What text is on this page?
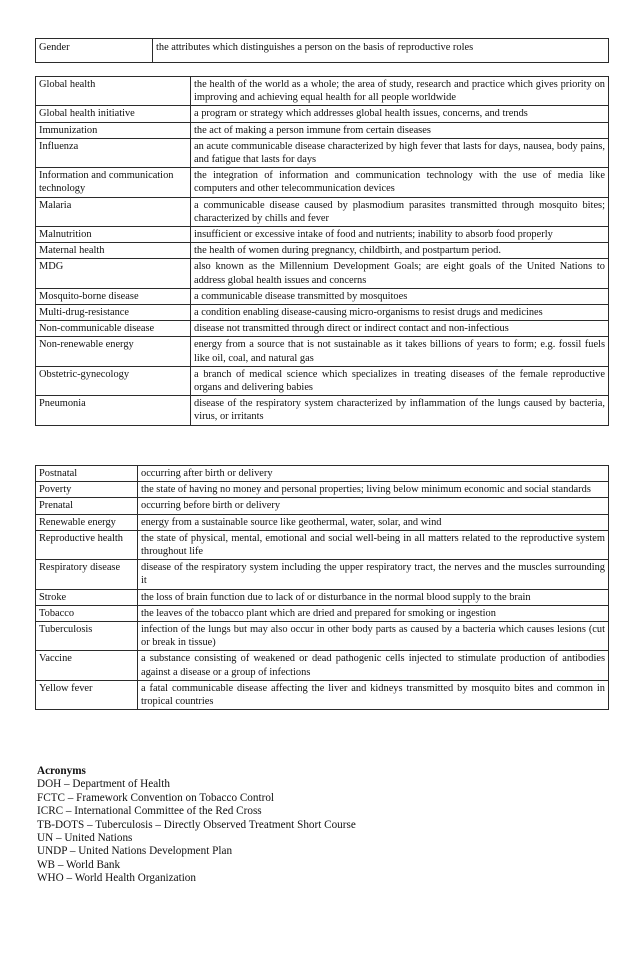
Gender	the attributes which distinguishes a person on the basis of reproductive roles
Global health	the health of the world as a whole; the area of study, research and practice which gives priority on improving and achieving equal health for all people worldwide
Global health initiative	a program or strategy which addresses global health issues, concerns, and trends
Immunization	the act of making a person immune from certain diseases
Influenza	an acute communicable disease characterized by high fever that lasts for days, nausea, body pains, and fatigue that lasts for days
Information and communication technology	the integration of information and communication technology with the use of media like computers and other telecommunication devices
Malaria	a communicable disease caused by plasmodium parasites transmitted through mosquito bites; characterized by chills and fever
Malnutrition	insufficient or excessive intake of food and nutrients; inability to absorb food properly
Maternal health	the health of women during pregnancy, childbirth, and postpartum period.
MDG	also known as the Millennium Development Goals; are eight goals of the United Nations to address global health issues and concerns
Mosquito-borne disease	a communicable disease transmitted by mosquitoes
Multi-drug-resistance	a condition enabling disease-causing micro-organisms to resist drugs and medicines
Non-communicable disease	disease not transmitted through direct or indirect contact and non-infectious
Non-renewable energy	energy from a source that is not sustainable as it takes billions of years to form; e.g. fossil fuels like oil, coal, and natural gas
Obstetric-gynecology	a branch of medical science which specializes in treating diseases of the female reproductive organs and delivering babies
Pneumonia	disease of the respiratory system characterized by inflammation of the lungs caused by bacteria, virus, or irritants
Postnatal	occurring after birth or delivery
Poverty	the state of having no money and personal properties; living below minimum economic and social standards
Prenatal	occurring before birth or delivery
Renewable energy	energy from a sustainable source like geothermal, water, solar, and wind
Reproductive health	the state of physical, mental, emotional and social well-being in all matters related to the reproductive system throughout life
Respiratory disease	disease of the respiratory system including the upper respiratory tract, the nerves and the muscles surrounding it
Stroke	the loss of brain function due to lack of or disturbance in the normal blood supply to the brain
Tobacco	the leaves of the tobacco plant which are dried and prepared for smoking or ingestion
Tuberculosis	infection of the lungs but may also occur in other body parts as caused by a bacteria which causes lesions (cut or break in tissue)
Vaccine	a substance consisting of weakened or dead pathogenic cells injected to stimulate production of antibodies against a disease or a group of infections
Yellow fever	a fatal communicable disease affecting the liver and kidneys transmitted by mosquito bites and common in tropical countries
Acronyms
DOH – Department of Health
FCTC – Framework Convention on Tobacco Control
ICRC – International Committee of the Red Cross
TB-DOTS – Tuberculosis – Directly Observed Treatment Short Course
UN – United Nations
UNDP – United Nations Development Plan
WB – World Bank
WHO – World Health Organization
